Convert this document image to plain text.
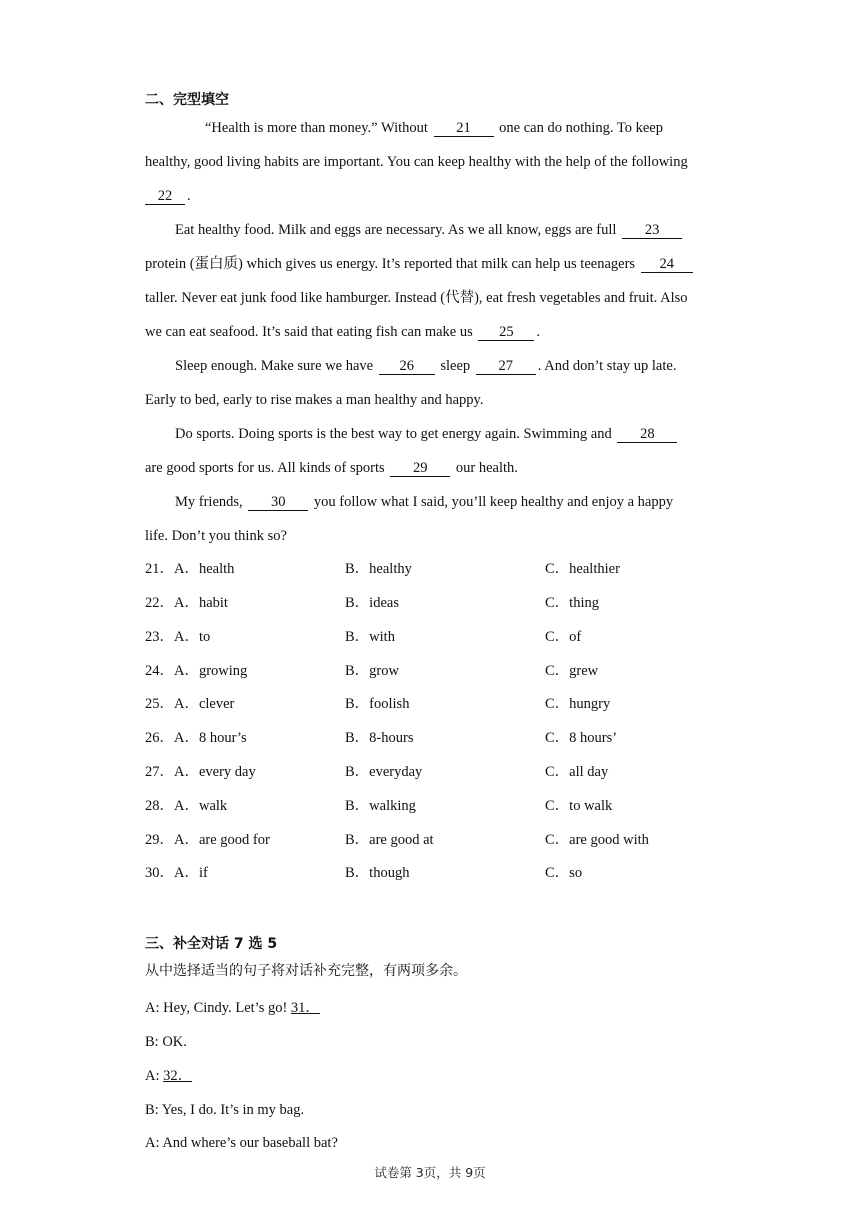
二、完型填空
“Health is more than money.” Without 21 one can do nothing. To keep
healthy, good living habits are important. You can keep healthy with the help of the following
22 .
Eat healthy food. Milk and eggs are necessary. As we all know, eggs are full 23
protein (蛋白质) which gives us energy. It’s reported that milk can help us teenagers 24
taller. Never eat junk food like hamburger. Instead (代替), eat fresh vegetables and fruit. Also
we can eat seafood. It’s said that eating fish can make us 25 .
Sleep enough. Make sure we have 26 sleep 27 . And don’t stay up late.
Early to bed, early to rise makes a man healthy and happy.
Do sports. Doing sports is the best way to get energy again. Swimming and 28
are good sports for us. All kinds of sports 29 our health.
My friends, 30 you follow what I said, you’ll keep healthy and enjoy a happy
life. Don’t you think so?
21．A．health	B．healthy	C．healthier
22．A．habit	B．ideas	C．thing
23．A．to	B．with	C．of
24．A．growing	B．grow	C．grew
25．A．clever	B．foolish	C．hungry
26．A．8 hour’s	B．8-hours	C．8 hours’
27．A．every day	B．everyday	C．all day
28．A．walk	B．walking	C．to walk
29．A．are good for	B．are good at	C．are good with
30．A．if	B．though	C．so
三、补全对话 7 选 5
从中选择适当的句子将对话补充完整，有两项多余。
A: Hey, Cindy. Let’s go! 31．
B: OK.
A: 32．
B: Yes, I do. It’s in my bag.
A: And where’s our baseball bat?
试卷第 3页，共 9页
